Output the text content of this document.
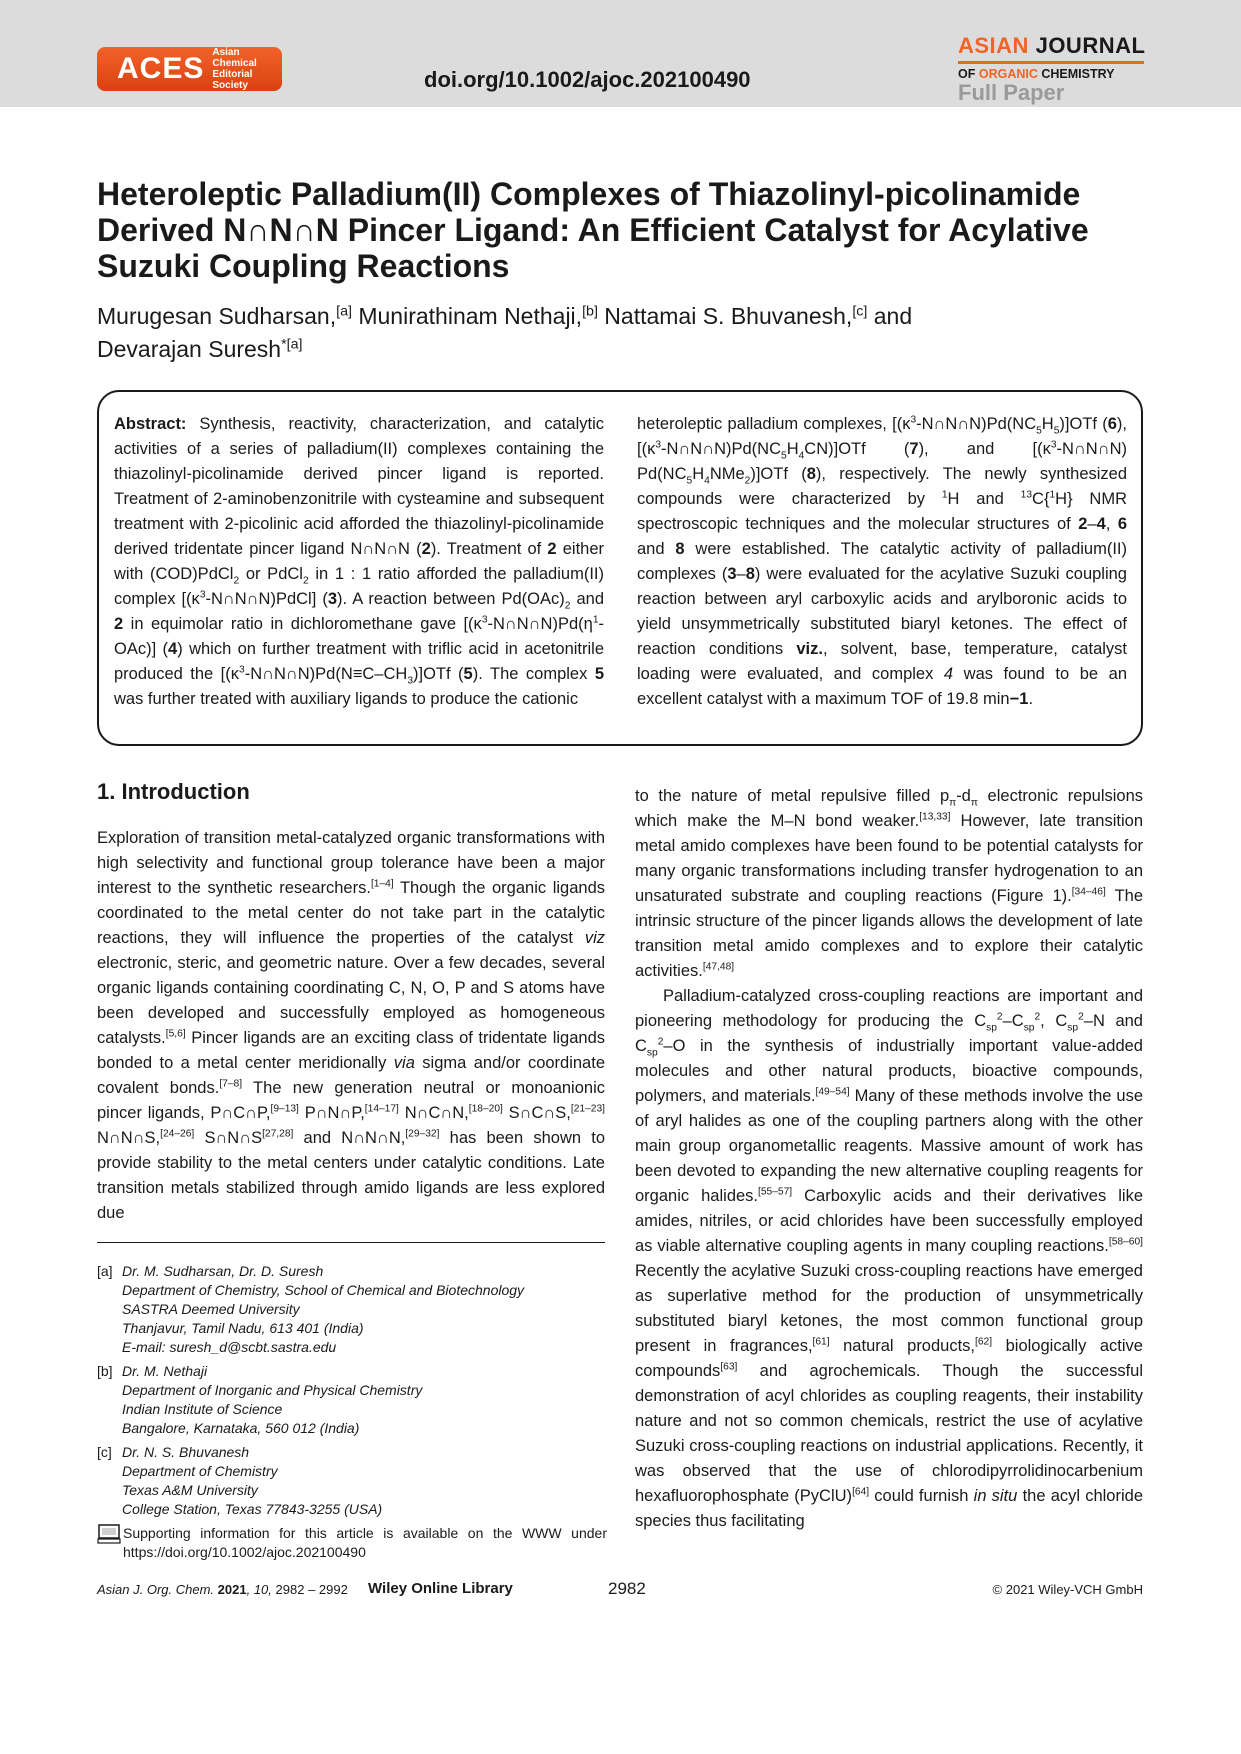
ACES Asian Chemical
Editorial Society	doi.org/10.1002/ajoc.202100490
ASIAN JOURNAL
OF ORGANIC CHEMISTRY
Full Paper
Heteroleptic Palladium(II) Complexes of Thiazolinyl-picolinamide
Derived N∩N∩N Pincer Ligand: An Efficient Catalyst for Acylative
Suzuki Coupling Reactions
Murugesan Sudharsan,[a] Munirathinam Nethaji,[b] Nattamai S. Bhuvanesh,[c] and
Devarajan Suresh$^{*[a]}$
Abstract: Synthesis, reactivity, characterization, and catalytic activities of a series of palladium(II) complexes containing the thiazolinyl-picolinamide derived pincer ligand is reported. Treatment of 2-aminobenzonitrile with cysteamine and subsequent treatment with 2-picolinic acid afforded the thiazolinyl-picolinamide derived tridentate pincer ligand N∩N∩N (2). Treatment of 2 either with (COD)PdCl$_2$ or PdCl$_2$ in 1 : 1 ratio afforded the palladium(II) complex $[(\kappa^3-N\cap N\cap N)PdCl]$ (3). A reaction between $Pd(OAc)_2$ and 2 in equimolar ratio in dichloromethane gave $[(\kappa^3-N\cap N\cap N)Pd(\eta^1-OAc)]$ (4) which on further treatment with triflic acid in acetonitrile produced the $[(\kappa^3-N\cap N\cap N)Pd(N\equiv C-CH_3)]OTf$ (5). The complex 5 was further treated with auxiliary ligands to produce the cationic
heteroleptic palladium complexes, $[(\kappa^3-N\cap N\cap N)Pd(NC_5H_5)]OTf$ (6), $[(\kappa^3-N\cap N\cap N)Pd(NC_5H_4CN)]OTf$ (7), and [$(\kappa^3-N\cap N\cap N)$ $Pd(NC_5H_4NMe_2)]OTf$ (8), respectively. The newly synthesized compounds were characterized by $^1$H and $^{13}$C{$^1$H} NMR spectroscopic techniques and the molecular structures of 2–4, 6 and 8 were established. The catalytic activity of palladium(II) complexes (3–8) were evaluated for the acylative Suzuki coupling reaction between aryl carboxylic acids and arylboronic acids to yield unsymmetrically substituted biaryl ketones. The effect of reaction conditions viz., solvent, base, temperature, catalyst loading were evaluated, and complex 4 was found to be an excellent catalyst with a maximum TOF of 19.8 min−1.
1. Introduction
Exploration of transition metal-catalyzed organic transformations with high selectivity and functional group tolerance have been a major interest to the synthetic researchers.[1–4] Though the organic ligands coordinated to the metal center do not take part in the catalytic reactions, they will influence the properties of the catalyst viz electronic, steric, and geometric nature. Over a few decades, several organic ligands containing coordinating C, N, O, P and S atoms have been developed and successfully employed as homogeneous catalysts.[5,6] Pincer ligands are an exciting class of tridentate ligands bonded to a metal center meridionally via sigma and/or coordinate covalent bonds.[7–8] The new generation neutral or monoanionic pincer ligands, P∩C∩P,[9–13] P∩N∩P,[14–17] N∩C∩N,[18–20] S∩C∩S,[21–23] N∩N∩S,[24–26] S∩N∩S[27,28] and N∩N∩N,[29–32] has been shown to provide stability to the metal centers under catalytic conditions. Late transition metals stabilized through amido ligands are less explored due
to the nature of metal repulsive filled $p_\pi-d_\pi$ electronic repulsions which make the M–N bond weaker.[13,33] However, late transition metal amido complexes have been found to be potential catalysts for many organic transformations including transfer hydrogenation to an unsaturated substrate and coupling reactions (Figure 1).[34–46] The intrinsic structure of the pincer ligands allows the development of late transition metal amido complexes and to explore their catalytic activities.[47,48]
Palladium-catalyzed cross-coupling reactions are important and pioneering methodology for producing the $C_{sp}^2-C_{sp}^2$, $C_{sp}^2-N$ and $C_{sp}^2-O$ in the synthesis of industrially important value-added molecules and other natural products, bioactive compounds, polymers, and materials.[49–54] Many of these methods involve the use of aryl halides as one of the coupling partners along with the other main group organometallic reagents. Massive amount of work has been devoted to expanding the new alternative coupling reagents for organic halides.[55–57] Carboxylic acids and their derivatives like amides, nitriles, or acid chlorides have been successfully employed as viable alternative coupling agents in many coupling reactions.[58–60] Recently the acylative Suzuki cross-coupling reactions have emerged as superlative method for the production of unsymmetrically substituted biaryl ketones, the most common functional group present in fragrances,[61] natural products,[62] biologically active compounds[63] and agrochemicals. Though the successful demonstration of acyl chlorides as coupling reagents, their instability nature and not so common chemicals, restrict the use of acylative Suzuki cross-coupling reactions on industrial applications. Recently, it was observed that the use of chlorodipyrrolidinocarbenium hexafluorophosphate (PyClU)[64] could furnish in situ the acyl chloride species thus facilitating
[a] Dr. M. Sudharsan, Dr. D. Suresh
Department of Chemistry, School of Chemical and Biotechnology
SASTRA Deemed University
Thanjavur, Tamil Nadu, 613 401 (India)
E-mail: suresh_d@scbt.sastra.edu
[b] Dr. M. Nethaji
Department of Inorganic and Physical Chemistry
Indian Institute of Science
Bangalore, Karnataka, 560 012 (India)
[c] Dr. N. S. Bhuvanesh
Department of Chemistry
Texas A&M University
College Station, Texas 77843-3255 (USA)
Supporting information for this article is available on the WWW under https://doi.org/10.1002/ajoc.202100490
Asian J. Org. Chem. 2021, 10, 2982 – 2992 Wiley Online Library	2982	© 2021 Wiley-VCH GmbH
